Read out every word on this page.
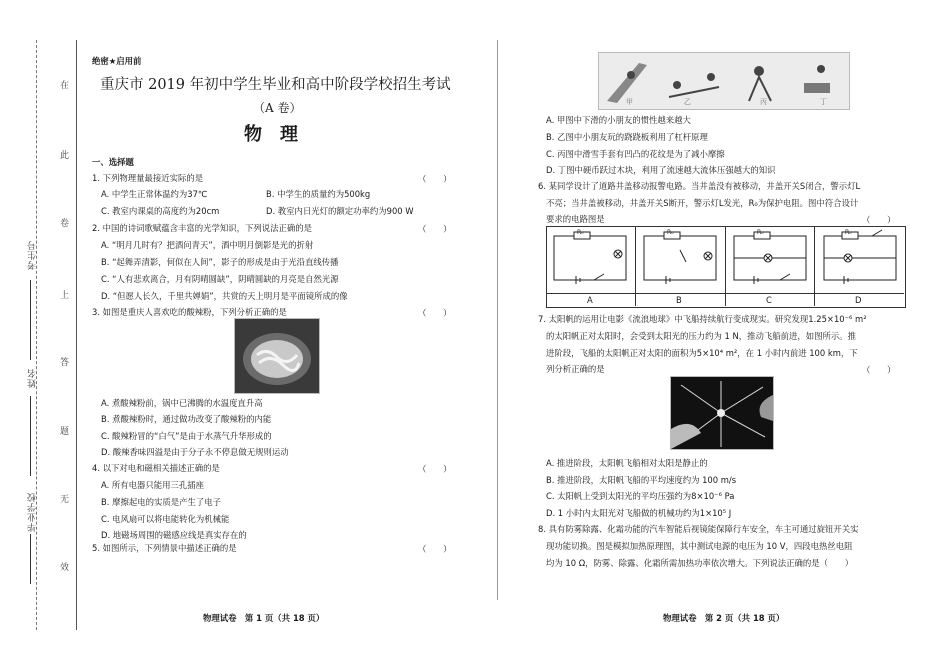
在
此
卷
上
答
题
无
效
考生号
姓名
毕业学校
绝密★启用前
重庆市 2019 年初中学生毕业和高中阶段学校招生考试
（A 卷）
物　理
一、选择题
1. 下列物理量最接近实际的是	（　　）
A. 中学生正常体温约为37℃	B. 中学生的质量约为500kg
C. 教室内课桌的高度约为20cm	D. 教室内日光灯的额定功率约为900 W
2. 中国的诗词歌赋蕴含丰富的光学知识，下列说法正确的是	（　　）
A. “明月几时有？把酒问青天”，酒中明月倒影是光的折射
B. “起舞弄清影，何似在人间”，影子的形成是由于光沿直线传播
C. “人有悲欢离合，月有阴晴圆缺”，阴晴圆缺的月亮是自然光源
D. “但愿人长久，千里共婵娟”，共赏的天上明月是平面镜所成的像
3. 如图是重庆人喜欢吃的酸辣粉，下列分析正确的是	（　　）
A. 煮酸辣粉前，锅中已沸腾的水温度直升高
B. 煮酸辣粉时，通过做功改变了酸辣粉的内能
C. 酸辣粉冒的“白气”是由于水蒸气升华形成的
D. 酸辣香味四溢是由于分子永不停息做无规则运动
4. 以下对电和磁相关描述正确的是	（　　）
A. 所有电器只能用三孔插座
B. 摩擦起电的实质是产生了电子
C. 电风扇可以将电能转化为机械能
D. 地磁场周围的磁感应线是真实存在的
5. 如图所示，下列情景中描述正确的是	（　　）
物理试卷　第 1 页（共 18 页）
甲	乙	丙	丁
A. 甲图中下滑的小朋友的惯性越来越大
B. 乙图中小朋友玩的跷跷板利用了杠杆原理
C. 丙图中滑雪手套有凹凸的花纹是为了减小摩擦
D. 丁图中硬币跃过木块，利用了流速越大流体压强越大的知识
6. 某同学设计了道路井盖移动报警电路。当井盖没有被移动，井盖开关S闭合，警示灯L
不亮；当井盖被移动，井盖开关S断开，警示灯L发光，R₀为保护电阻。图中符合设计
要求的电路图是	（　　）
R₀	R₀	R₀	R₀
A	B	C	D
7. 太阳帆的运用让电影《流浪地球》中飞船持续航行变成现实。研究发现1.25×10⁻⁶ m²
的太阳帆正对太阳时，会受到太阳光的压力约为 1 N，推动飞船前进，如图所示。推
进阶段，飞船的太阳帆正对太阳的面积为5×10⁴ m²，在 1 小时内前进 100 km，下
列分析正确的是	（　　）
A. 推进阶段，太阳帆飞船相对太阳是静止的
B. 推进阶段，太阳帆飞船的平均速度约为 100 m/s
C. 太阳帆上受到太阳光的平均压强约为8×10⁻⁶ Pa
D. 1 小时内太阳光对飞船做的机械功约为1×10⁵ J
8. 具有防雾除露、化霜功能的汽车智能后视镜能保障行车安全，车主可通过旋钮开关实
现功能切换。图是模拟加热原理图，其中测试电源的电压为 10 V，四段电热丝电阻
均为 10 Ω，防雾、除露、化霜所需加热功率依次增大。下列说法正确的是（　　）
物理试卷　第 2 页（共 18 页）
